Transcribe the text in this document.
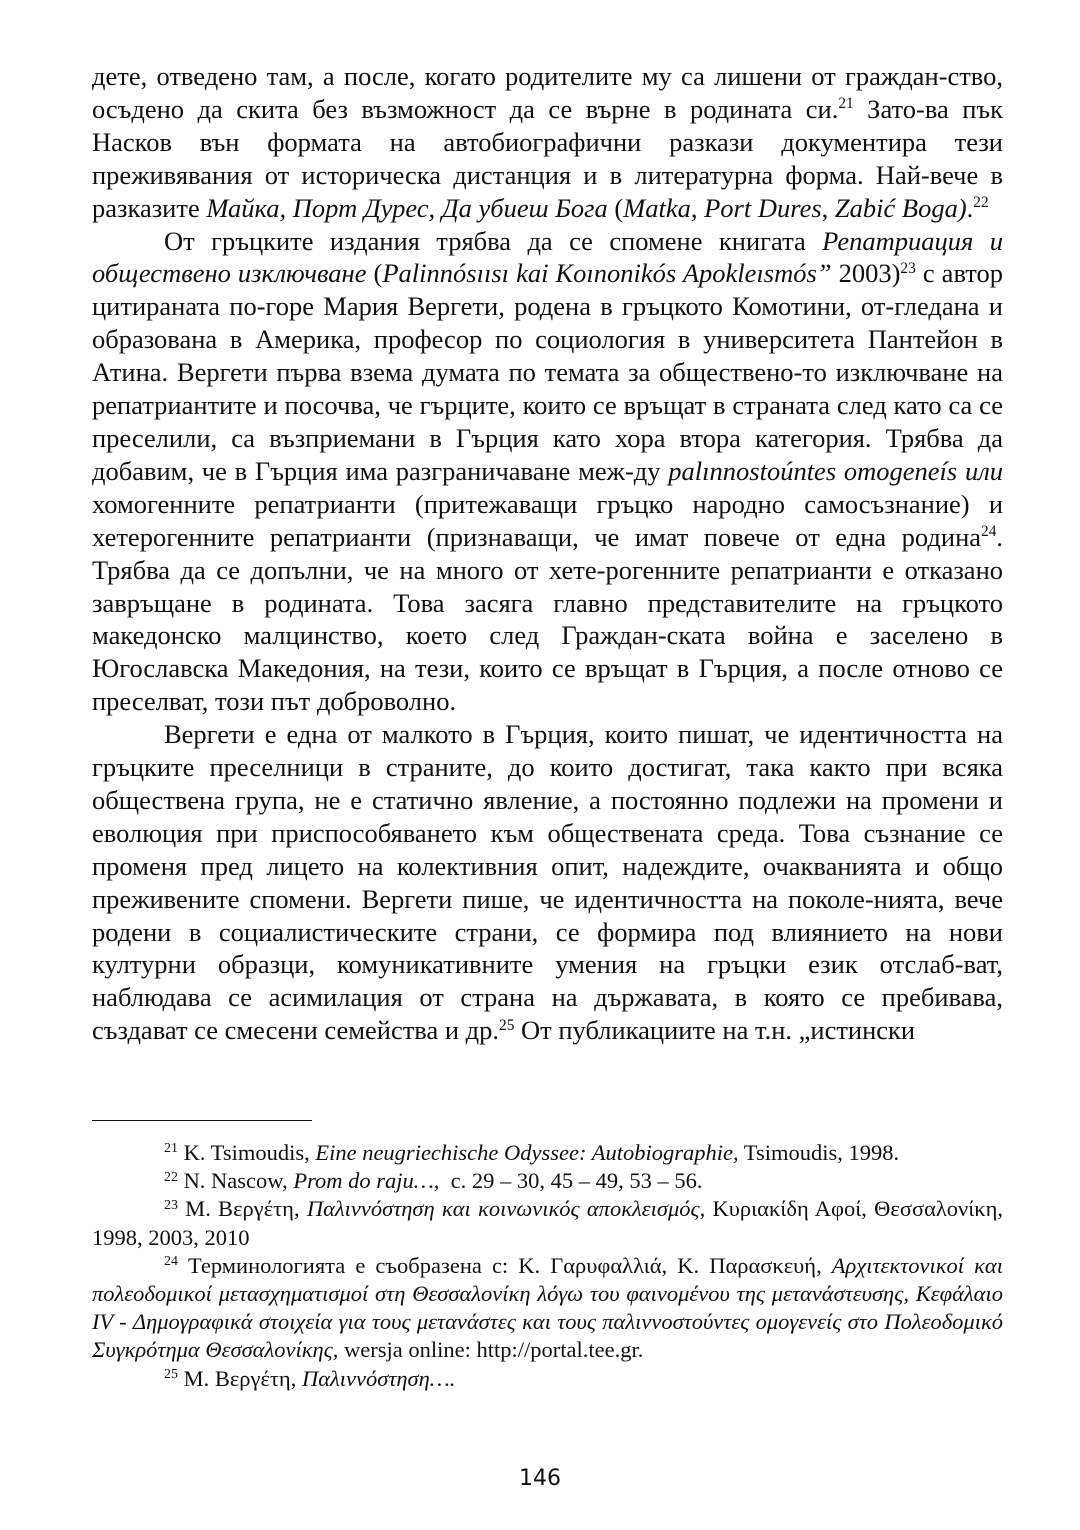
дете, отведено там, а после, когато родителите му са лишени от граждан-ство, осъдено да скита без възможност да се върне в родината си.$^{21}$ Зато-ва пък Насков вън формата на автобиографични разкази документира тези преживявания от историческа дистанция и в литературна форма. Най-вече в разказите Майка, Порт Дурес, Да убиеш Бога (Matka, Port Dures, Zabić Boga).$^{22}$

От гръцките издания трябва да се спомене книгата Репатриация и обществено изключване (Palinnósıısı kai Koınonikós Apokleısmós” 2003)$^{23}$ с автор цитираната по-горе Мария Вергети, родена в гръцкото Комотини, от-гледана и образована в Америка, професор по социология в университета Пантейон в Атина. Вергети първа взема думата по темата за обществено-то изключване на репатриантите и посочва, че гърците, които се връщат в страната след като са се преселили, са възприемани в Гърция като хора втора категория. Трябва да добавим, че в Гърция има разграничаване меж-ду palınnostoúntes omogeneís или хомогенните репатрианти (притежаващи гръцко народно самосъзнание) и хетерогенните репатрианти (признаващи, че имат повече от една родина$^{24}$. Трябва да се допълни, че на много от хете-рогенните репатрианти е отказано завръщане в родината. Това засяга главно представителите на гръцкото македонско малцинство, което след Граждан-ската война е заселено в Югославска Македония, на тези, които се връщат в Гърция, а после отново се преселват, този път доброволно.

Вергети е една от малкото в Гърция, които пишат, че идентичността на гръцките преселници в страните, до които достигат, така както при всяка обществена група, не е статично явление, а постоянно подлежи на промени и еволюция при приспособяването към обществената среда. Това съзнание се променя пред лицето на колективния опит, надеждите, очакванията и общо преживените спомени. Вергети пише, че идентичността на поколе-нията, вече родени в социалистическите страни, се формира под влиянието на нови културни образци, комуникативните умения на гръцки език отслаб-ват, наблюдава се асимилация от страна на държавата, в която се пребивава, създават се смесени семейства и др.$^{25}$ От публикациите на т.н. „истински

$^{21}$ K. Tsimoudis, Eine neugriechische Odyssee: Autobiographie, Tsimoudis, 1998.

$^{22}$ N. Nascow, Prom do raju…,  с. 29 – 30, 45 – 49, 53 – 56.

$^{23}$ Μ. Βεργέτη, Παλιννόστηση και κοινωνικός αποκλεισμός, Κυριακίδη Αφοί, Θεσσαλονίκη, 1998, 2003, 2010

$^{24}$ Терминологията е съобразена с: Κ. Γαρυφαλλιά, Κ. Παρασκευή, Αρχιτεκτονικοί και πολεοδομικοί μετασχηματισμοί στη Θεσσαλονίκη λόγω του φαινομένου της μετανάστευσης, Κεφάλαιο IV - Δημογραφικά στοιχεία για τους μετανάστες και τους παλιννοστούντες ομογενείς στο Πολεοδομικό Συγκρότημα Θεσσαλονίκης, wersja online: http://portal.tee.gr.

$^{25}$ Μ. Βεργέτη, Παλιννόστηση….

146
